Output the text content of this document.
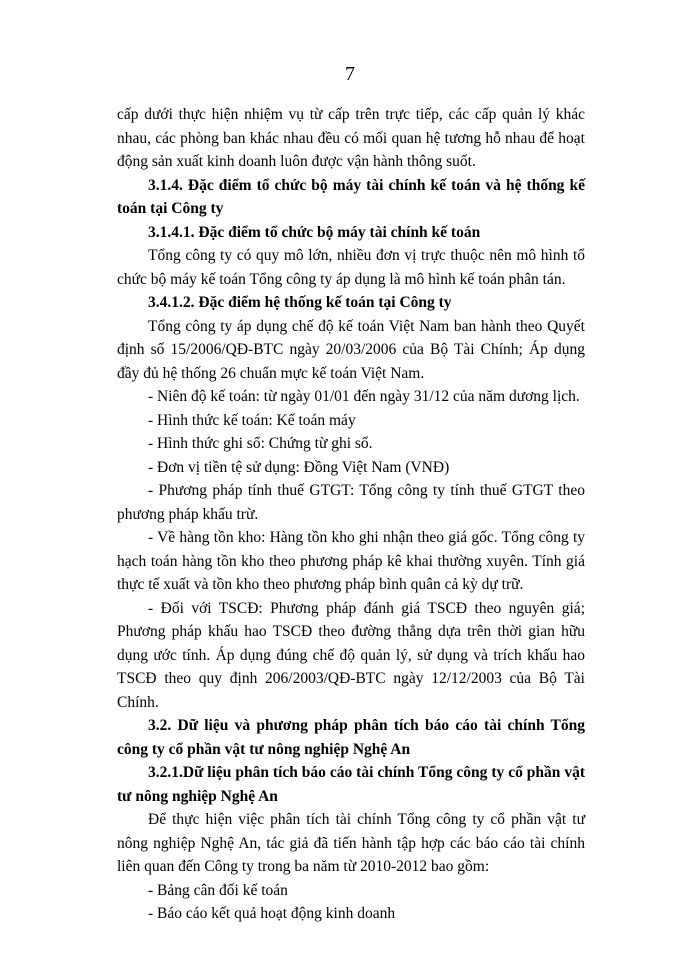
7

cấp dưới thực hiện nhiệm vụ từ cấp trên trực tiếp, các cấp quản lý khác nhau, các phòng ban khác nhau đều có mối quan hệ tương hỗ nhau để hoạt động sản xuất kinh doanh luôn được vận hành thông suốt.

3.1.4. Đặc điểm tổ chức bộ máy tài chính kế toán và hệ thống kế toán tại Công ty

3.1.4.1. Đặc điểm tổ chức bộ máy tài chính kế toán

Tổng công ty có quy mô lớn, nhiều đơn vị trực thuộc nên mô hình tổ chức bộ máy kế toán Tổng công ty áp dụng là mô hình kế toán phân tán.

3.4.1.2. Đặc điểm hệ thống kế toán tại Công ty

Tổng công ty áp dụng chế độ kế toán Việt Nam ban hành theo Quyết định số 15/2006/QĐ-BTC ngày 20/03/2006 của Bộ Tài Chính; Áp dụng đầy đủ hệ thống 26 chuẩn mực kế toán Việt Nam.

- Niên độ kế toán: từ ngày 01/01 đến ngày 31/12 của năm dương lịch.

- Hình thức kế toán: Kế toán máy

- Hình thức ghi sổ: Chứng từ ghi sổ.

- Đơn vị tiền tệ sử dụng: Đồng Việt Nam (VNĐ)

- Phương pháp tính thuế GTGT: Tổng công ty tính thuế GTGT theo phương pháp khấu trừ.

- Về hàng tồn kho: Hàng tồn kho ghi nhận theo giá gốc. Tổng công ty hạch toán hàng tồn kho theo phương pháp kê khai thường xuyên. Tính giá thực tế xuất và tồn kho theo phương pháp bình quân cả kỳ dự trữ.

- Đối với TSCĐ: Phương pháp đánh giá TSCĐ theo nguyên giá; Phương pháp khấu hao TSCĐ theo đường thẳng dựa trên thời gian hữu dụng ước tính. Áp dụng đúng chế độ quản lý, sử dụng và trích khấu hao TSCĐ theo quy định 206/2003/QĐ-BTC ngày 12/12/2003 của Bộ Tài Chính.

3.2. Dữ liệu và phương pháp phân tích báo cáo tài chính Tổng công ty cổ phần vật tư nông nghiệp Nghệ An

3.2.1.Dữ liệu phân tích báo cáo tài chính Tổng công ty cổ phần vật tư nông nghiệp Nghệ An

Để thực hiện việc phân tích tài chính Tổng công ty cổ phần vật tư nông nghiệp Nghệ An, tác giả đã tiến hành tập hợp các báo cáo tài chính liên quan đến Công ty trong ba năm từ 2010-2012 bao gồm:

- Bảng cân đối kế toán

- Báo cáo kết quả hoạt động kinh doanh
